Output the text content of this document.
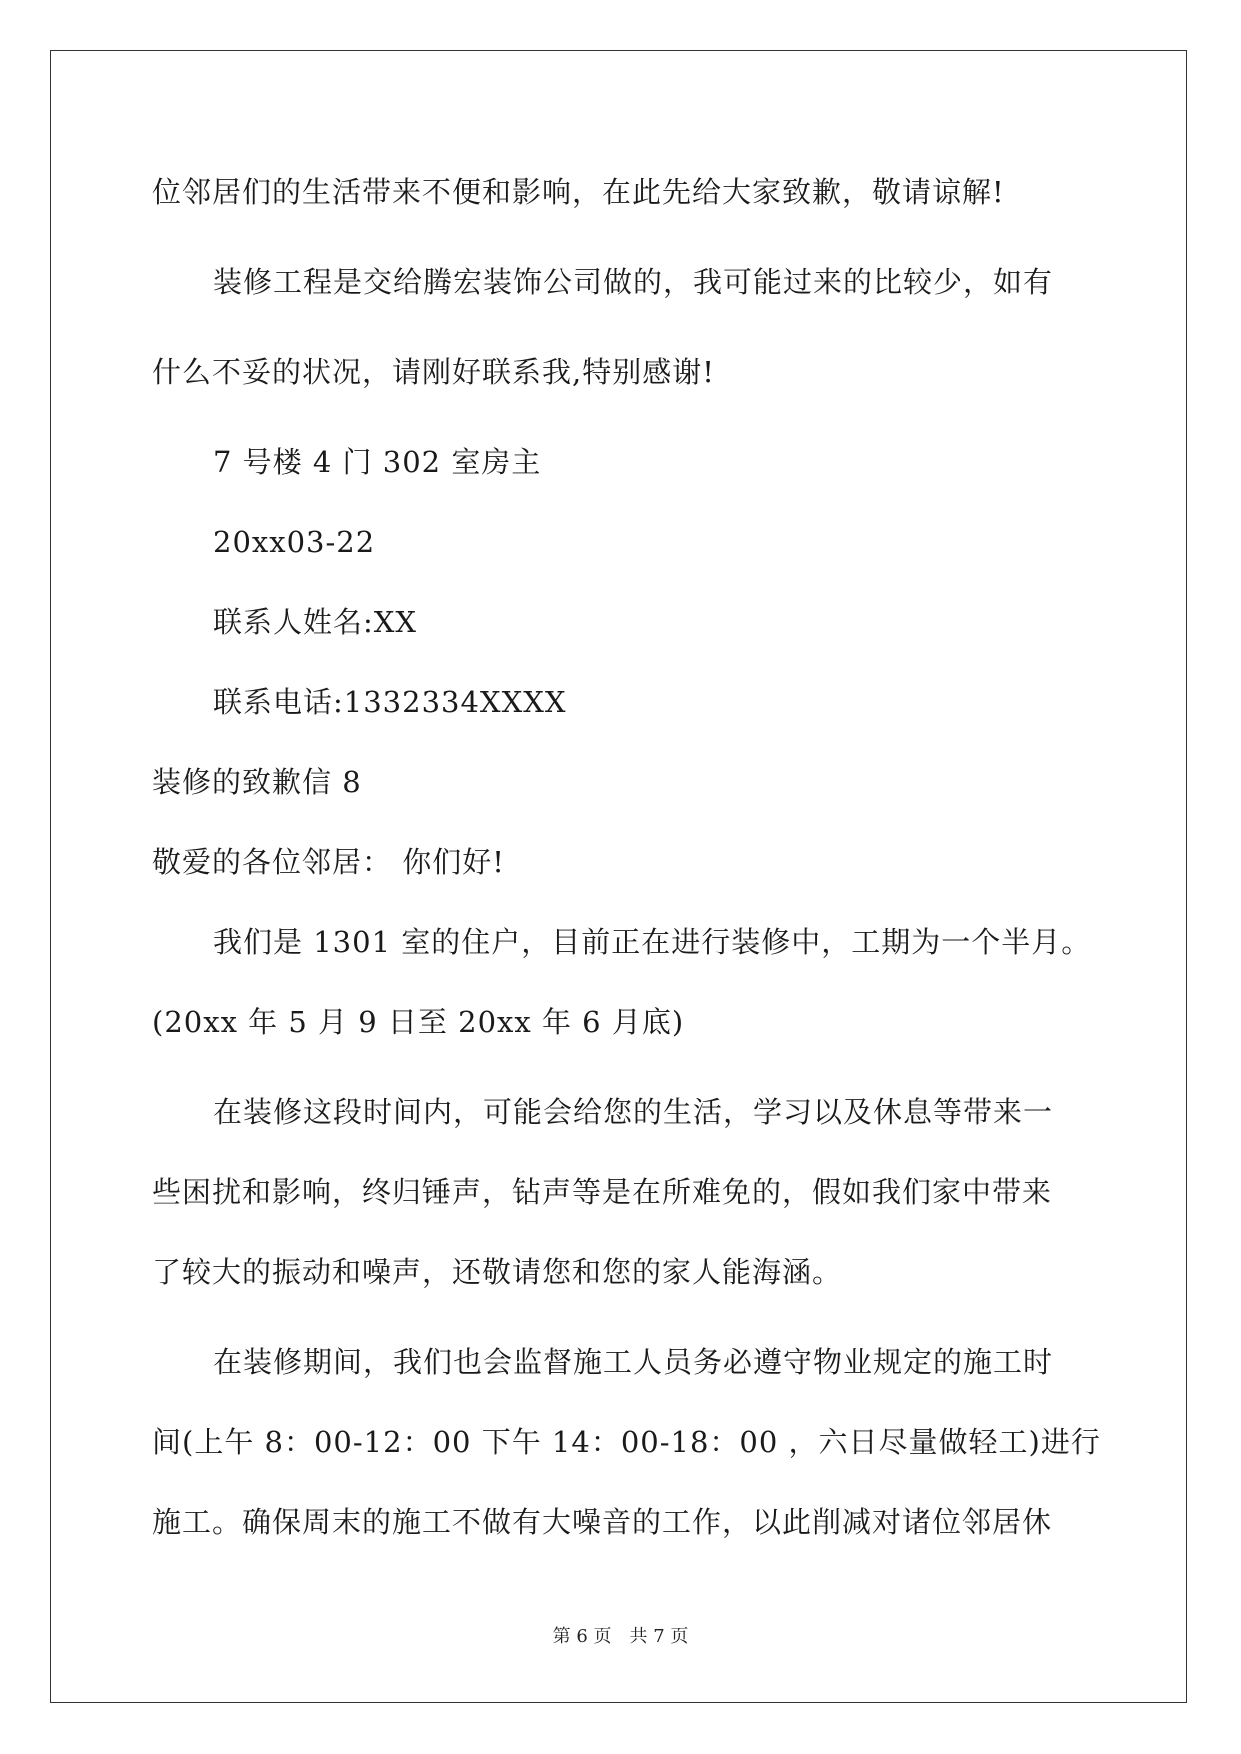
位邻居们的生活带来不便和影响，在此先给大家致歉，敬请谅解!
装修工程是交给腾宏装饰公司做的，我可能过来的比较少，如有
什么不妥的状况，请刚好联系我,特别感谢!
7 号楼 4 门 302 室房主
20xx03-22
联系人姓名:XX
联系电话:1332334XXXX
装修的致歉信 8
敬爱的各位邻居： 你们好!
我们是 1301 室的住户，目前正在进行装修中，工期为一个半月。
(20xx 年 5 月 9 日至 20xx 年 6 月底)
在装修这段时间内，可能会给您的生活，学习以及休息等带来一
些困扰和影响，终归锤声，钻声等是在所难免的，假如我们家中带来
了较大的振动和噪声，还敬请您和您的家人能海涵。
在装修期间，我们也会监督施工人员务必遵守物业规定的施工时
间(上午 8：00-12：00 下午 14：00-18：00 ，六日尽量做轻工)进行
施工。确保周末的施工不做有大噪音的工作，以此削减对诸位邻居休
第 6 页 共 7 页
